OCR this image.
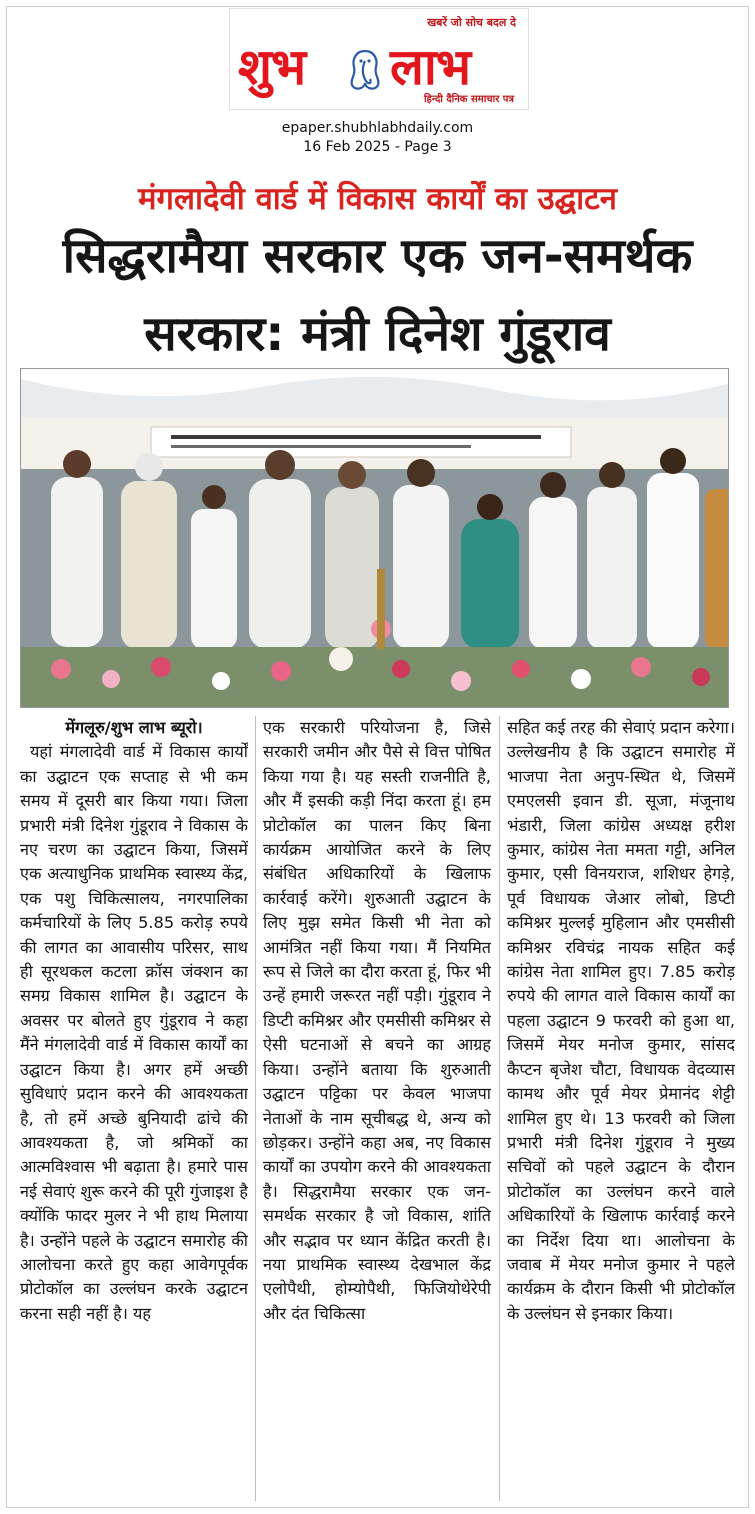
खबरें जो सोच बदल दे
शुभ लाभ
हिन्दी दैनिक समाचार पत्र
epaper.shubhlabhdaily.com
16 Feb 2025 - Page 3
मंगलादेवी वार्ड में विकास कार्यों का उद्घाटन
सिद्धरामैया सरकार एक जन-समर्थक
सरकार: मंत्री दिनेश गुंडूराव
मेंगलूरु/शुभ लाभ ब्यूरो।
यहां मंगलादेवी वार्ड में विकास कार्यों का उद्घाटन एक सप्ताह से भी कम समय में दूसरी बार किया गया। जिला प्रभारी मंत्री दिनेश गुंडूराव ने विकास के नए चरण का उद्घाटन किया, जिसमें एक अत्याधुनिक प्राथमिक स्वास्थ्य केंद्र, एक पशु चिकित्सालय, नगरपालिका कर्मचारियों के लिए 5.85 करोड़ रुपये की लागत का आवासीय परिसर, साथ ही सूरथकल कटला क्रॉस जंक्शन का समग्र विकास शामिल है। उद्घाटन के अवसर पर बोलते हुए गुंडूराव ने कहा मैंने मंगलादेवी वार्ड में विकास कार्यों का उद्घाटन किया है। अगर हमें अच्छी सुविधाएं प्रदान करने की आवश्यकता है, तो हमें अच्छे बुनियादी ढांचे की आवश्यकता है, जो श्रमिकों का आत्मविश्वास भी बढ़ाता है। हमारे पास नई सेवाएं शुरू करने की पूरी गुंजाइश है क्योंकि फादर मुलर ने भी हाथ मिलाया है। उन्होंने पहले के उद्घाटन समारोह की आलोचना करते हुए कहा आवेगपूर्वक प्रोटोकॉल का उल्लंघन करके उद्घाटन करना सही नहीं है। यह
एक सरकारी परियोजना है, जिसे सरकारी जमीन और पैसे से वित्त पोषित किया गया है। यह सस्ती राजनीति है, और मैं इसकी कड़ी निंदा करता हूं। हम प्रोटोकॉल का पालन किए बिना कार्यक्रम आयोजित करने के लिए संबंधित अधिकारियों के खिलाफ कार्रवाई करेंगे। शुरुआती उद्घाटन के लिए मुझ समेत किसी भी नेता को आमंत्रित नहीं किया गया। मैं नियमित रूप से जिले का दौरा करता हूं, फिर भी उन्हें हमारी जरूरत नहीं पड़ी। गुंडूराव ने डिप्टी कमिश्नर और एमसीसी कमिश्नर से ऐसी घटनाओं से बचने का आग्रह किया। उन्होंने बताया कि शुरुआती उद्घाटन पट्टिका पर केवल भाजपा नेताओं के नाम सूचीबद्ध थे, अन्य को छोड़कर। उन्होंने कहा अब, नए विकास कार्यों का उपयोग करने की आवश्यकता है। सिद्धरामैया सरकार एक जन-समर्थक सरकार है जो विकास, शांति और सद्भाव पर ध्यान केंद्रित करती है। नया प्राथमिक स्वास्थ्य देखभाल केंद्र एलोपैथी, होम्योपैथी, फिजियोथेरेपी और दंत चिकित्सा
सहित कई तरह की सेवाएं प्रदान करेगा। उल्लेखनीय है कि उद्घाटन समारोह में भाजपा नेता अनुप-स्थित थे, जिसमें एमएलसी इवान डी. सूजा, मंजूनाथ भंडारी, जिला कांग्रेस अध्यक्ष हरीश कुमार, कांग्रेस नेता ममता गट्टी, अनिल कुमार, एसी विनयराज, शशिधर हेगड़े, पूर्व विधायक जेआर लोबो, डिप्टी कमिश्नर मुल्लई मुहिलान और एमसीसी कमिश्नर रविचंद्र नायक सहित कई कांग्रेस नेता शामिल हुए। 7.85 करोड़ रुपये की लागत वाले विकास कार्यों का पहला उद्घाटन 9 फरवरी को हुआ था, जिसमें मेयर मनोज कुमार, सांसद कैप्टन बृजेश चौटा, विधायक वेदव्यास कामथ और पूर्व मेयर प्रेमानंद शेट्टी शामिल हुए थे। 13 फरवरी को जिला प्रभारी मंत्री दिनेश गुंडूराव ने मुख्य सचिवों को पहले उद्घाटन के दौरान प्रोटोकॉल का उल्लंघन करने वाले अधिकारियों के खिलाफ कार्रवाई करने का निर्देश दिया था। आलोचना के जवाब में मेयर मनोज कुमार ने पहले कार्यक्रम के दौरान किसी भी प्रोटोकॉल के उल्लंघन से इनकार किया।
